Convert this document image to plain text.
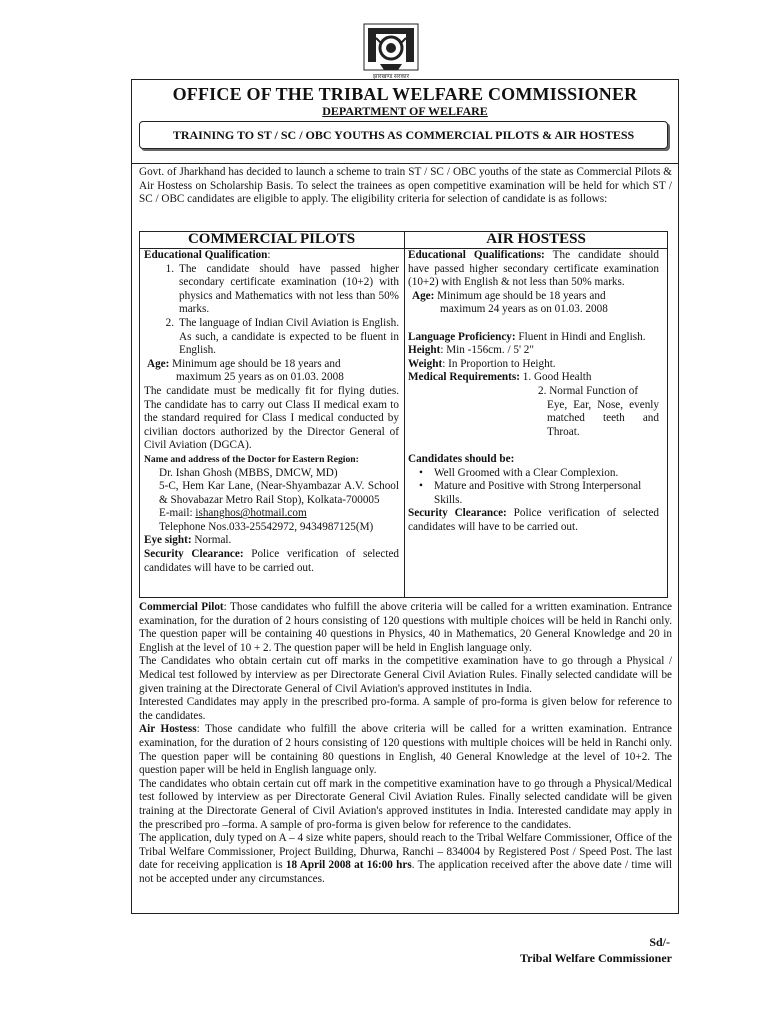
झारखण्ड सरकार
OFFICE OF THE TRIBAL WELFARE COMMISSIONER
DEPARTMENT OF WELFARE
TRAINING TO ST / SC / OBC YOUTHS AS COMMERCIAL PILOTS & AIR HOSTESS
Govt. of Jharkhand has decided to launch a scheme to train ST / SC / OBC youths of the state as Commercial Pilots & Air Hostess on Scholarship Basis. To select the trainees as open competitive examination will be held for which ST / SC / OBC candidates are eligible to apply. The eligibility criteria for selection of candidate is as follows:
COMMERCIAL PILOTS	AIR HOSTESS

Educational Qualification:

1. The candidate should have passed higher secondary certificate examination (10+2) with physics and Mathematics with not less than 50% marks.
2. The language of Indian Civil Aviation is English. As such, a candidate is expected to be fluent in English.

Age: Minimum age should be 18 years and

maximum 25 years as on 01.03. 2008

The candidate must be medically fit for flying duties. The candidate has to carry out Class II medical exam to the standard required for Class I medical conducted by civilian doctors authorized by the Director General of Civil Aviation (DGCA).

Name and address of the Doctor for Eastern Region:

Dr. Ishan Ghosh (MBBS, DMCW, MD)

5-C, Hem Kar Lane, (Near-Shyambazar A.V. School & Shovabazar Metro Rail Stop), Kolkata-700005

E-mail: ishanghos@hotmail.com

Telephone Nos.033-25542972, 9434987125(M)

Eye sight: Normal.

Security Clearance: Police verification of selected candidates will have to be carried out.

Educational Qualifications: The candidate should have passed higher secondary certificate examination (10+2) with English & not less than 50% marks.

Age: Minimum age should be 18 years and

maximum 24 years as on 01.03. 2008

Language Proficiency: Fluent in Hindi and English.

Height: Min -156cm. / 5' 2"

Weight: In Proportion to Height.

Medical Requirements: 1. Good Health

2. Normal Function of

Eye, Ear, Nose, evenly matched teeth and Throat.

Candidates should be:

• Well Groomed with a Clear Complexion.
• Mature and Positive with Strong Interpersonal Skills.

Security Clearance: Police verification of selected candidates will have to be carried out.

Commercial Pilot: Those candidates who fulfill the above criteria will be called for a written examination. Entrance examination, for the duration of 2 hours consisting of 120 questions with multiple choices will be held in Ranchi only. The question paper will be containing 40 questions in Physics, 40 in Mathematics, 20 General Knowledge and 20 in English at the level of 10 + 2. The question paper will be held in English language only.

The Candidates who obtain certain cut off marks in the competitive examination have to go through a Physical / Medical test followed by interview as per Directorate General Civil Aviation Rules. Finally selected candidate will be given training at the Directorate General of Civil Aviation's approved institutes in India.

Interested Candidates may apply in the prescribed pro-forma. A sample of pro-forma is given below for reference to the candidates.

Air Hostess: Those candidate who fulfill the above criteria will be called for a written examination. Entrance examination, for the duration of 2 hours consisting of 120 questions with multiple choices will be held in Ranchi only. The question paper will be containing 80 questions in English, 40 General Knowledge at the level of 10+2. The question paper will be held in English language only.

The candidates who obtain certain cut off mark in the competitive examination have to go through a Physical/Medical test followed by interview as per Directorate General Civil Aviation Rules. Finally selected candidate will be given training at the Directorate General of Civil Aviation's approved institutes in India. Interested candidate may apply in the prescribed pro –forma. A sample of pro-forma is given below for reference to the candidates.

The application, duly typed on A – 4 size white papers, should reach to the Tribal Welfare Commissioner, Office of the Tribal Welfare Commissioner, Project Building, Dhurwa, Ranchi – 834004 by Registered Post / Speed Post. The last date for receiving application is 18 April 2008 at 16:00 hrs. The application received after the above date / time will not be accepted under any circumstances.

Sd/-
Tribal Welfare Commissioner
